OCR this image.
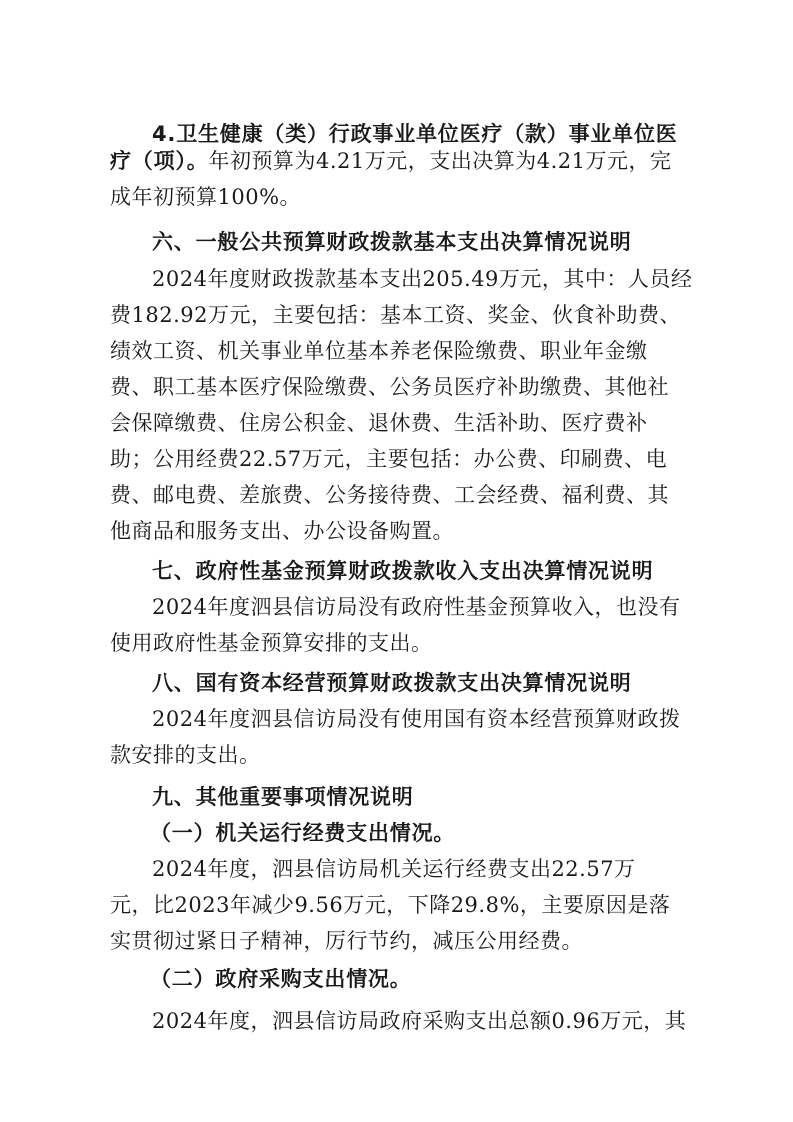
4.卫生健康（类）行政事业单位医疗（款）事业单位医
疗（项）。年初预算为4.21万元，支出决算为4.21万元，完
成年初预算100%。
六、一般公共预算财政拨款基本支出决算情况说明
2024年度财政拨款基本支出205.49万元，其中：人员经
费182.92万元，主要包括：基本工资、奖金、伙食补助费、
绩效工资、机关事业单位基本养老保险缴费、职业年金缴
费、职工基本医疗保险缴费、公务员医疗补助缴费、其他社
会保障缴费、住房公积金、退休费、生活补助、医疗费补
助；公用经费22.57万元，主要包括：办公费、印刷费、电
费、邮电费、差旅费、公务接待费、工会经费、福利费、其
他商品和服务支出、办公设备购置。
七、政府性基金预算财政拨款收入支出决算情况说明
2024年度泗县信访局没有政府性基金预算收入，也没有
使用政府性基金预算安排的支出。
八、国有资本经营预算财政拨款支出决算情况说明
2024年度泗县信访局没有使用国有资本经营预算财政拨
款安排的支出。
九、其他重要事项情况说明
（一）机关运行经费支出情况。
2024年度，泗县信访局机关运行经费支出22.57万
元，比2023年减少9.56万元，下降29.8%，主要原因是落
实贯彻过紧日子精神，厉行节约，减压公用经费。
（二）政府采购支出情况。
2024年度，泗县信访局政府采购支出总额0.96万元，其
